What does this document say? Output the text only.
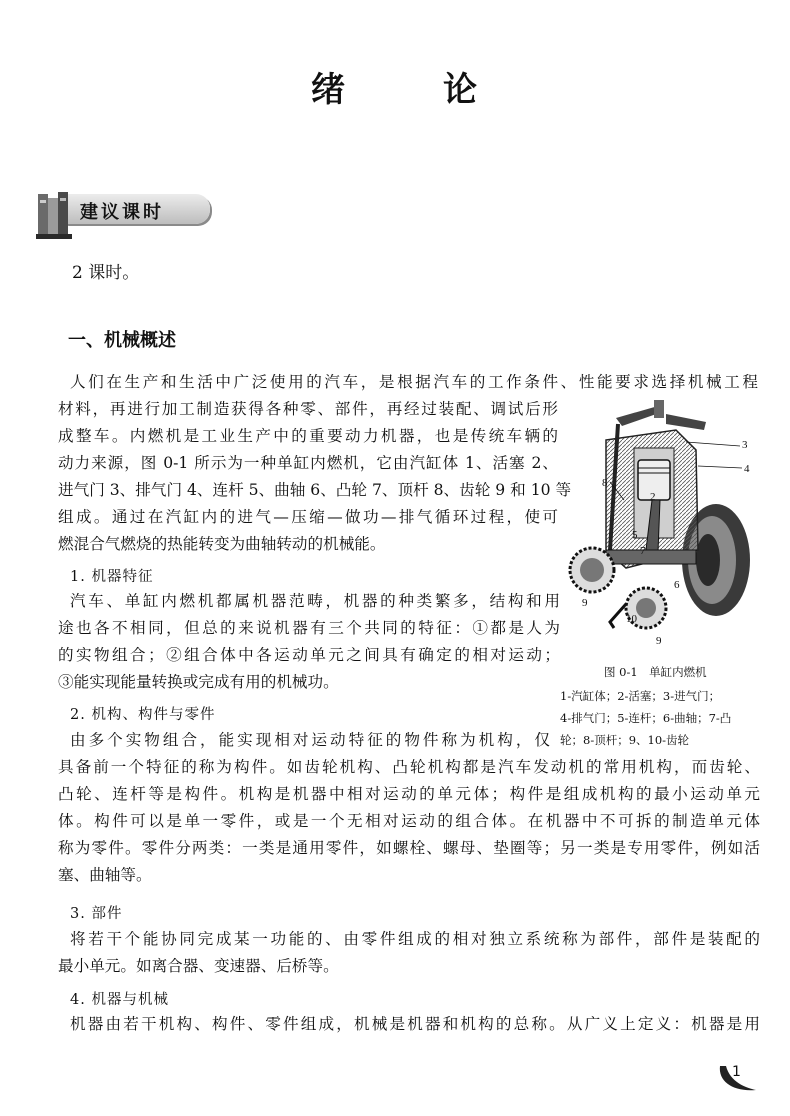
绪	论
建议课时
2 课时。
一、机械概述
人们在生产和生活中广泛使用的汽车，是根据汽车的工作条件、性能要求选择机械工程
材料，再进行加工制造获得各种零、部件，再经过装配、调试后形
成整车。内燃机是工业生产中的重要动力机器，也是传统车辆的
动力来源，图 0-1 所示为一种单缸内燃机，它由汽缸体 1、活塞 2、
进气门 3、排气门 4、连杆 5、曲轴 6、凸轮 7、顶杆 8、齿轮 9 和 10 等
组成。通过在汽缸内的进气—压缩—做功—排气循环过程，使可
燃混合气燃烧的热能转变为曲轴转动的机械能。
1. 机器特征
汽车、单缸内燃机都属机器范畴，机器的种类繁多，结构和用
途也各不相同，但总的来说机器有三个共同的特征：①都是人为
的实物组合；②组合体中各运动单元之间具有确定的相对运动；
③能实现能量转换或完成有用的机械功。
2. 机构、构件与零件
由多个实物组合，能实现相对运动特征的物件称为机构，仅
具备前一个特征的称为构件。如齿轮机构、凸轮机构都是汽车发动机的常用机构，而齿轮、
凸轮、连杆等是构件。机构是机器中相对运动的单元体；构件是组成机构的最小运动单元
体。构件可以是单一零件，或是一个无相对运动的组合体。在机器中不可拆的制造单元体
称为零件。零件分两类：一类是通用零件，如螺栓、螺母、垫圈等；另一类是专用零件，例如活
塞、曲轴等。
3. 部件
将若干个能协同完成某一功能的、由零件组成的相对独立系统称为部件，部件是装配的
最小单元。如离合器、变速器、后桥等。
4. 机器与机械
机器由若干机构、构件、零件组成，机械是机器和机构的总称。从广义上定义：机器是用
3
4
8
2
5
7
6
9
10
9
图 0-1　单缸内燃机
1-汽缸体；2-活塞；3-进气门；
4-排气门；5-连杆；6-曲轴；7-凸
轮；8-顶杆；9、10-齿轮
1
